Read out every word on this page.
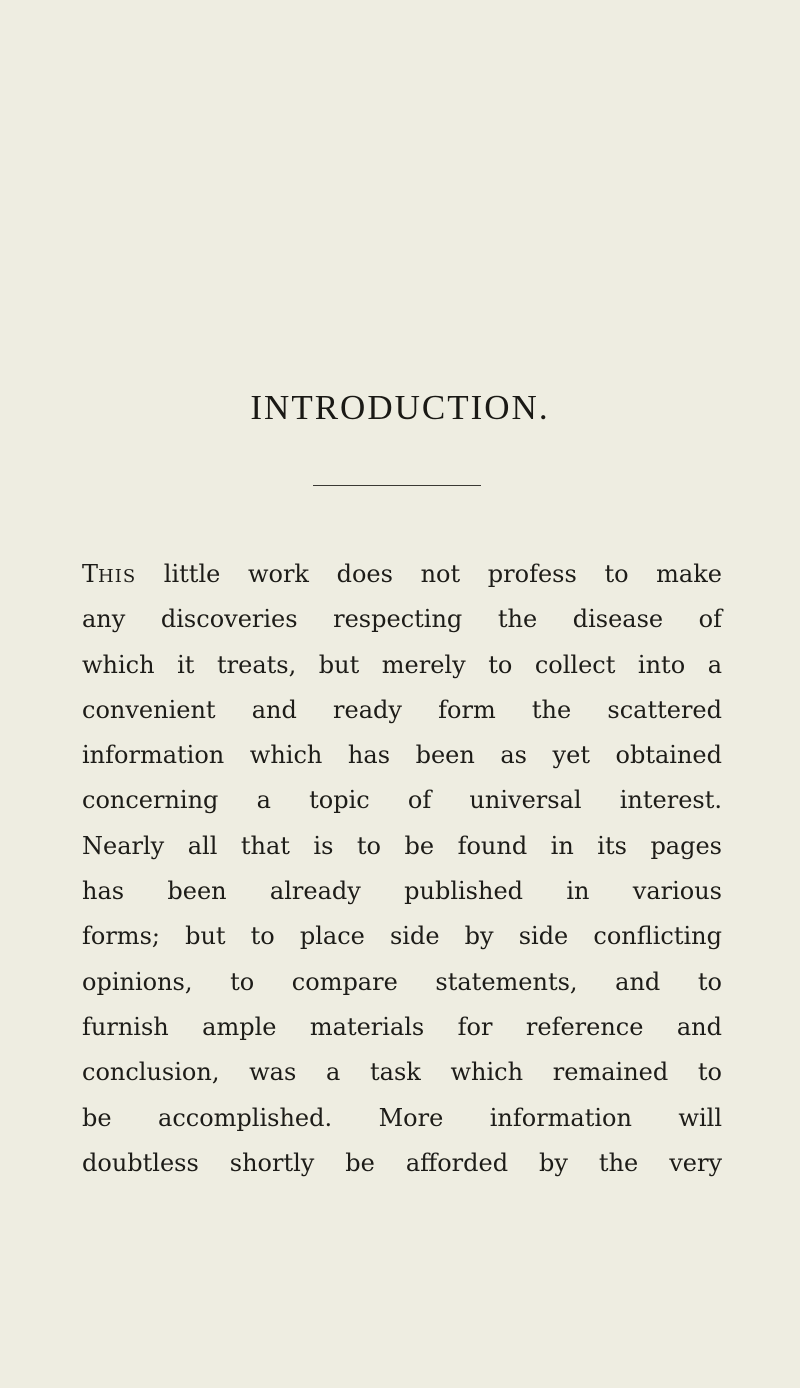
INTRODUCTION.
THIS little work does not profess to make
any discoveries respecting the disease of
which it treats, but merely to collect into a
convenient and ready form the scattered
information which has been as yet obtained
concerning a topic of universal interest.
Nearly all that is to be found in its pages
has been already published in various
forms; but to place side by side conflicting
opinions, to compare statements, and to
furnish ample materials for reference and
conclusion, was a task which remained to
be accomplished. More information will
doubtless shortly be afforded by the very
